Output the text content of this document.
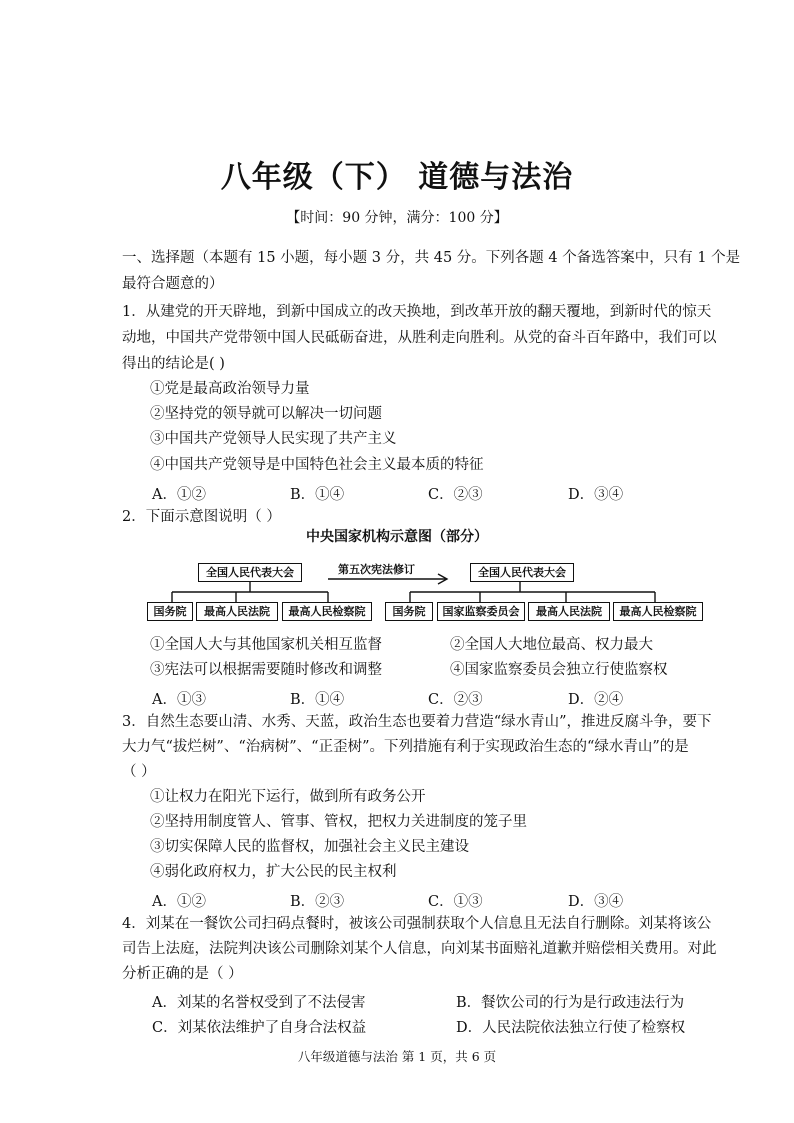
八年级（下） 道德与法治
【时间：90 分钟，满分：100 分】
一、选择题（本题有 15 小题，每小题 3 分，共 45 分。下列各题 4 个备选答案中，只有 1 个是
最符合题意的）
1．从建党的开天辟地，到新中国成立的改天换地，到改革开放的翻天覆地，到新时代的惊天
动地，中国共产党带领中国人民砥砺奋进，从胜利走向胜利。从党的奋斗百年路中，我们可以
得出的结论是( )
①党是最高政治领导力量
②坚持党的领导就可以解决一切问题
③中国共产党领导人民实现了共产主义
④中国共产党领导是中国特色社会主义最本质的特征
A．①②	B．①④	C．②③	D．③④
2．下面示意图说明（ ）
中央国家机构示意图（部分）
全国人民代表大会	第五次宪法修订	全国人民代表大会
国务院	最高人民法院	最高人民检察院	国务院	国家监察委员会	最高人民法院	最高人民检察院
①全国人大与其他国家机关相互监督	②全国人大地位最高、权力最大
③宪法可以根据需要随时修改和调整	④国家监察委员会独立行使监察权
A．①③	B．①④	C．②③	D．②④
3．自然生态要山清、水秀、天蓝，政治生态也要着力营造“绿水青山”，推进反腐斗争，要下
大力气“拔烂树”、“治病树”、“正歪树”。下列措施有利于实现政治生态的“绿水青山”的是
（ ）
①让权力在阳光下运行，做到所有政务公开
②坚持用制度管人、管事、管权，把权力关进制度的笼子里
③切实保障人民的监督权，加强社会主义民主建设
④弱化政府权力，扩大公民的民主权利
A．①②	B．②③	C．①③	D．③④
4．刘某在一餐饮公司扫码点餐时，被该公司强制获取个人信息且无法自行删除。刘某将该公
司告上法庭，法院判决该公司删除刘某个人信息，向刘某书面赔礼道歉并赔偿相关费用。对此
分析正确的是（ ）
A．刘某的名誉权受到了不法侵害	B．餐饮公司的行为是行政违法行为
C．刘某依法维护了自身合法权益	D．人民法院依法独立行使了检察权
八年级道德与法治 第 1 页，共 6 页
